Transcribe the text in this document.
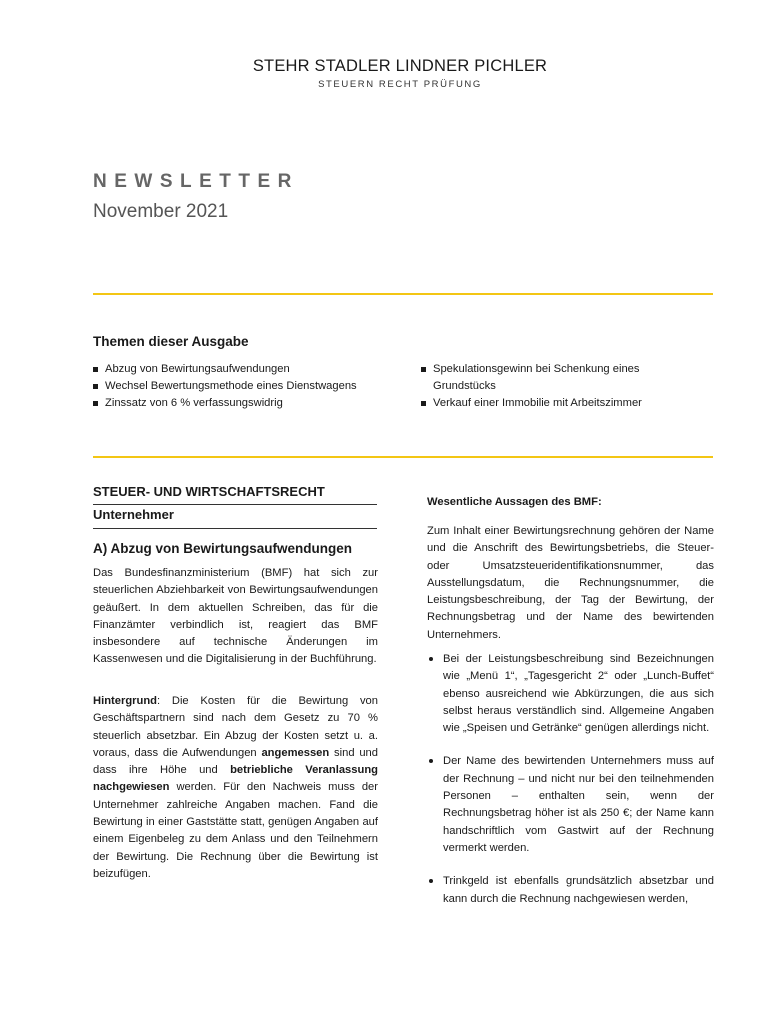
STEHR STADLER LINDNER PICHLER
STEUERN RECHT PRÜFUNG
NEWSLETTER
November 2021
Themen dieser Ausgabe
Abzug von Bewirtungsaufwendungen
Wechsel Bewertungsmethode eines Dienstwagens
Zinssatz von 6 % verfassungswidrig
Spekulationsgewinn bei Schenkung eines Grundstücks
Verkauf einer Immobilie mit Arbeitszimmer
STEUER- UND WIRTSCHAFTSRECHT
Unternehmer
A) Abzug von Bewirtungsaufwendungen

Das Bundesfinanzministerium (BMF) hat sich zur steuerlichen Abziehbarkeit von Bewirtungsaufwendungen geäußert. In dem aktuellen Schreiben, das für die Finanzämter verbindlich ist, reagiert das BMF insbesondere auf technische Änderungen im Kassenwesen und die Digitalisierung in der Buchführung.

Hintergrund: Die Kosten für die Bewirtung von Geschäftspartnern sind nach dem Gesetz zu 70 % steuerlich absetzbar. Ein Abzug der Kosten setzt u. a. voraus, dass die Aufwendungen angemessen sind und dass ihre Höhe und betriebliche Veranlassung nachgewiesen werden. Für den Nachweis muss der Unternehmer zahlreiche Angaben machen. Fand die Bewirtung in einer Gaststätte statt, genügen Angaben auf einem Eigenbeleg zu dem Anlass und den Teilnehmern der Bewirtung. Die Rechnung über die Bewirtung ist beizufügen.

Wesentliche Aussagen des BMF:

Zum Inhalt einer Bewirtungsrechnung gehören der Name und die Anschrift des Bewirtungsbetriebs, die Steuer- oder Umsatzsteueridentifikationsnummer, das Ausstellungsdatum, die Rechnungsnummer, die Leistungsbeschreibung, der Tag der Bewirtung, der Rechnungsbetrag und der Name des bewirtenden Unternehmers.

Bei der Leistungsbeschreibung sind Bezeichnungen wie „Menü 1“, „Tagesgericht 2“ oder „Lunch-Buffet“ ebenso ausreichend wie Abkürzungen, die aus sich selbst heraus verständlich sind. Allgemeine Angaben wie „Speisen und Getränke“ genügen allerdings nicht.
Der Name des bewirtenden Unternehmers muss auf der Rechnung – und nicht nur bei den teilnehmenden Personen – enthalten sein, wenn der Rechnungsbetrag höher ist als 250 €; der Name kann handschriftlich vom Gastwirt auf der Rechnung vermerkt werden.
Trinkgeld ist ebenfalls grundsätzlich absetzbar und kann durch die Rechnung nachgewiesen werden,
